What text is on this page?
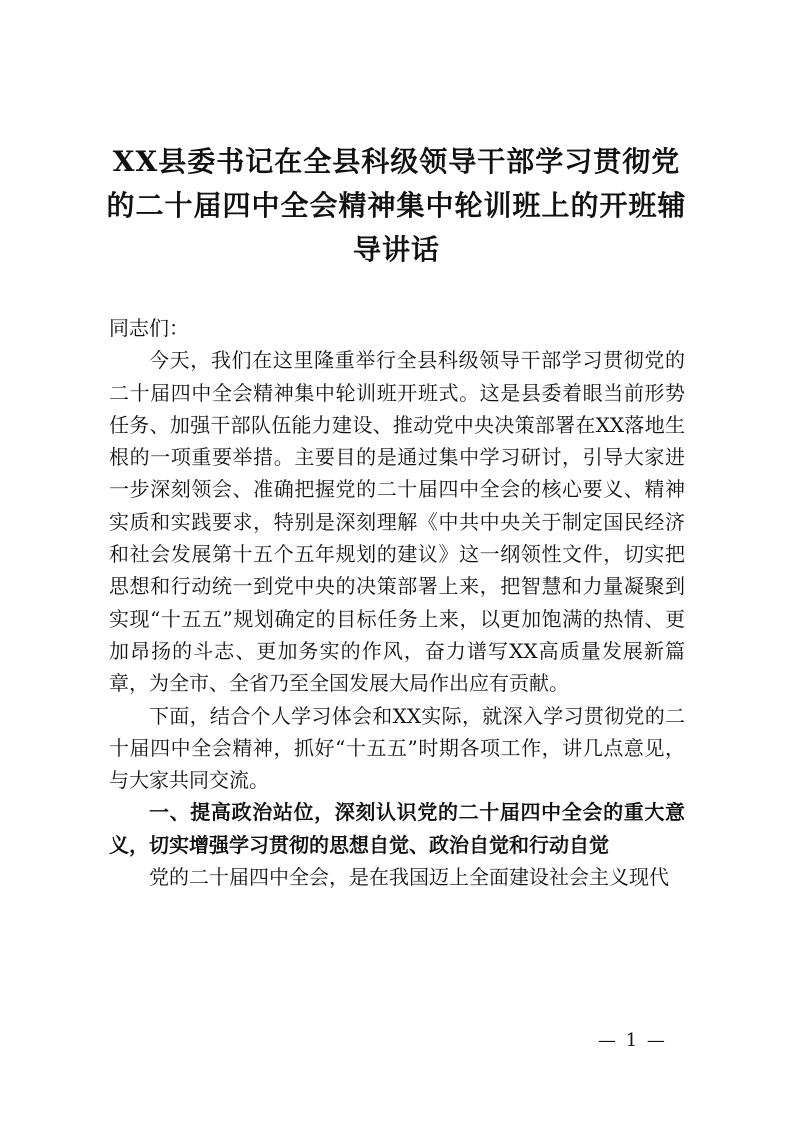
XX县委书记在全县科级领导干部学习贯彻党的二十届四中全会精神集中轮训班上的开班辅导讲话

同志们：

今天，我们在这里隆重举行全县科级领导干部学习贯彻党的二十届四中全会精神集中轮训班开班式。这是县委着眼当前形势任务、加强干部队伍能力建设、推动党中央决策部署在XX落地生根的一项重要举措。主要目的是通过集中学习研讨，引导大家进一步深刻领会、准确把握党的二十届四中全会的核心要义、精神实质和实践要求，特别是深刻理解《中共中央关于制定国民经济和社会发展第十五个五年规划的建议》这一纲领性文件，切实把思想和行动统一到党中央的决策部署上来，把智慧和力量凝聚到实现“十五五”规划确定的目标任务上来，以更加饱满的热情、更加昂扬的斗志、更加务实的作风，奋力谱写XX高质量发展新篇章，为全市、全省乃至全国发展大局作出应有贡献。

下面，结合个人学习体会和XX实际，就深入学习贯彻党的二十届四中全会精神，抓好“十五五”时期各项工作，讲几点意见，与大家共同交流。

一、提高政治站位，深刻认识党的二十届四中全会的重大意义，切实增强学习贯彻的思想自觉、政治自觉和行动自觉

党的二十届四中全会，是在我国迈上全面建设社会主义现代

— 1 —
